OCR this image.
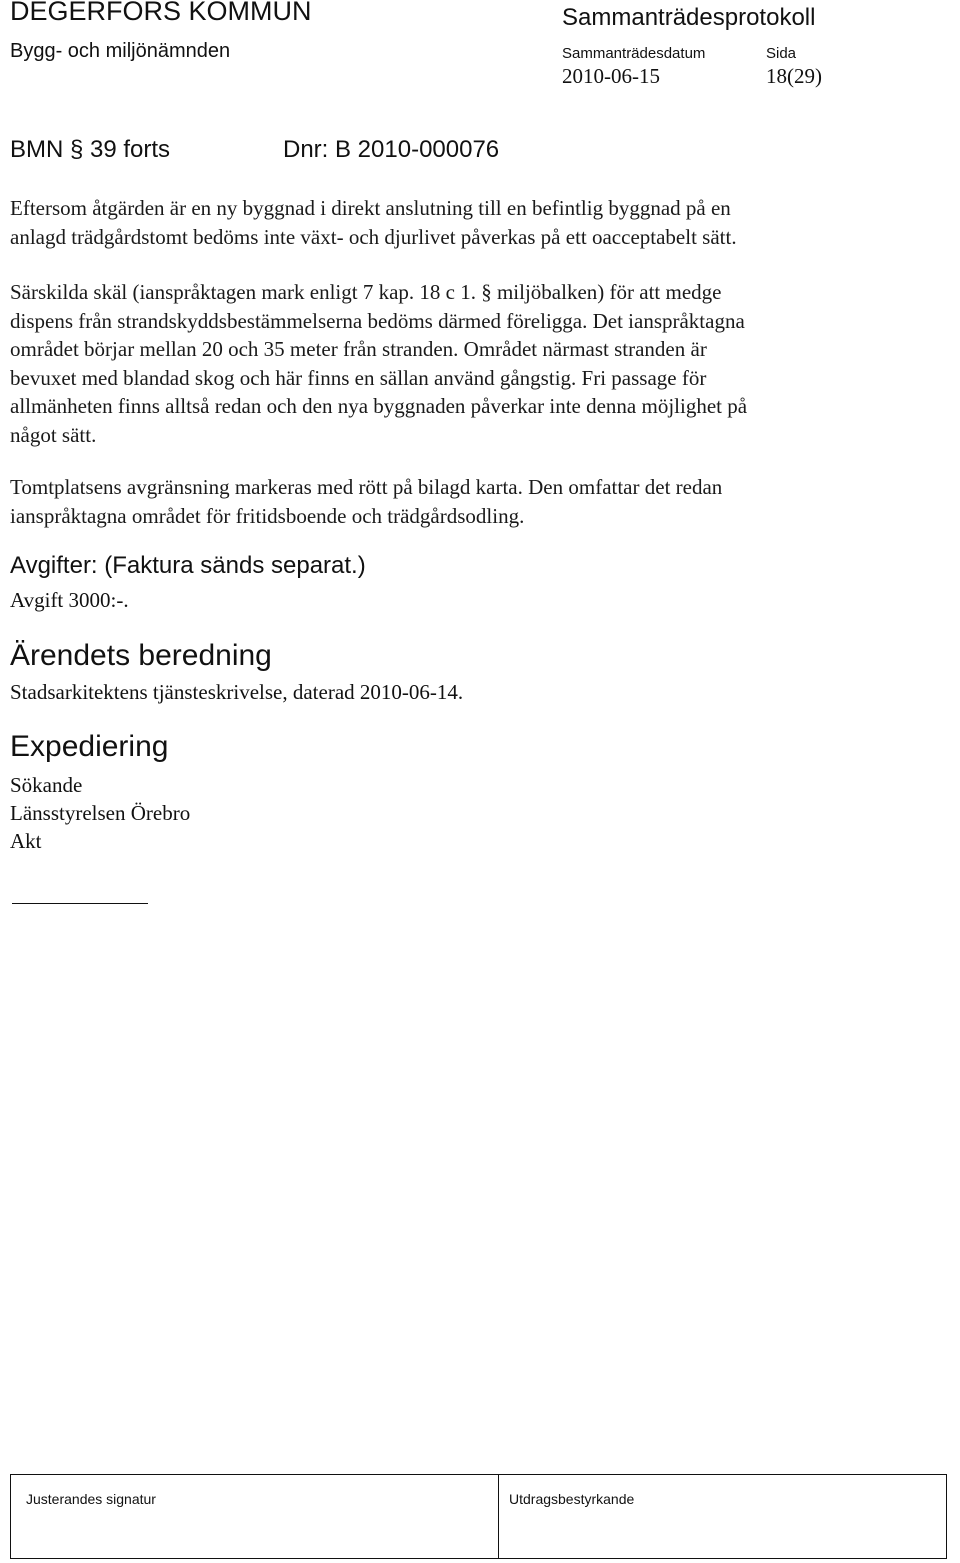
DEGERFORS KOMMUN
Bygg- och miljönämnden
Sammanträdesprotokoll
Sammanträdesdatum	Sida
2010-06-15	18(29)
BMN § 39 forts	Dnr: B 2010-000076
Eftersom åtgärden är en ny byggnad i direkt anslutning till en befintlig byggnad på en
anlagd trädgårdstomt bedöms inte växt- och djurlivet påverkas på ett oacceptabelt sätt.
Särskilda skäl (ianspråktagen mark enligt 7 kap. 18 c 1. § miljöbalken) för att medge
dispens från strandskyddsbestämmelserna bedöms därmed föreligga. Det ianspråktagna
området börjar mellan 20 och 35 meter från stranden. Området närmast stranden är
bevuxet med blandad skog och här finns en sällan använd gångstig. Fri passage för
allmänheten finns alltså redan och den nya byggnaden påverkar inte denna möjlighet på
något sätt.
Tomtplatsens avgränsning markeras med rött på bilagd karta. Den omfattar det redan
ianspråktagna området för fritidsboende och trädgårdsodling.
Avgifter: (Faktura sänds separat.)
Avgift 3000:-.
Ärendets beredning
Stadsarkitektens tjänsteskrivelse, daterad 2010-06-14.
Expediering
Sökande
Länsstyrelsen Örebro
Akt
Justerandes signatur	Utdragsbestyrkande
